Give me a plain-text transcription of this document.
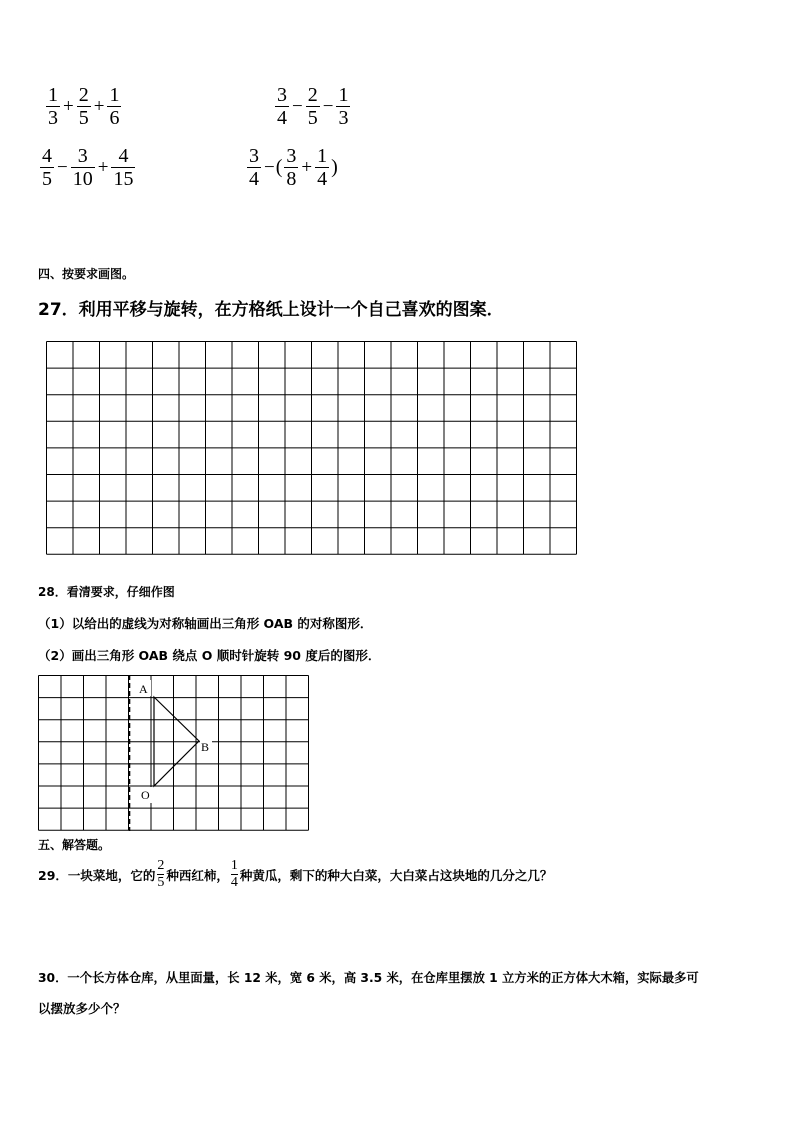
$\frac{1}{3} + \frac{2}{5} + \frac{1}{6}$	$\frac{3}{4} - \frac{2}{5} - \frac{1}{3}$
$\frac{4}{5} - \frac{3}{10} + \frac{4}{15}$	$\frac{3}{4}$ − ( $\frac{3}{8} + \frac{1}{4}$ )
四、按要求画图。
27．利用平移与旋转，在方格纸上设计一个自己喜欢的图案．
28．看清要求，仔细作图
（1）以给出的虚线为对称轴画出三角形 OAB 的对称图形．
（2）画出三角形 OAB 绕点 O 顺时针旋转 90 度后的图形．
A
B
O
五、解答题。
29．一块菜地，它的 $\frac{2}{5}$ 种西红柿， $\frac{1}{4}$ 种黄瓜，剩下的种大白菜，大白菜占这块地的几分之几？
30．一个长方体仓库，从里面量，长 12 米，宽 6 米，高 3.5 米，在仓库里摆放 1 立方米的正方体大木箱，实际最多可
以摆放多少个？
